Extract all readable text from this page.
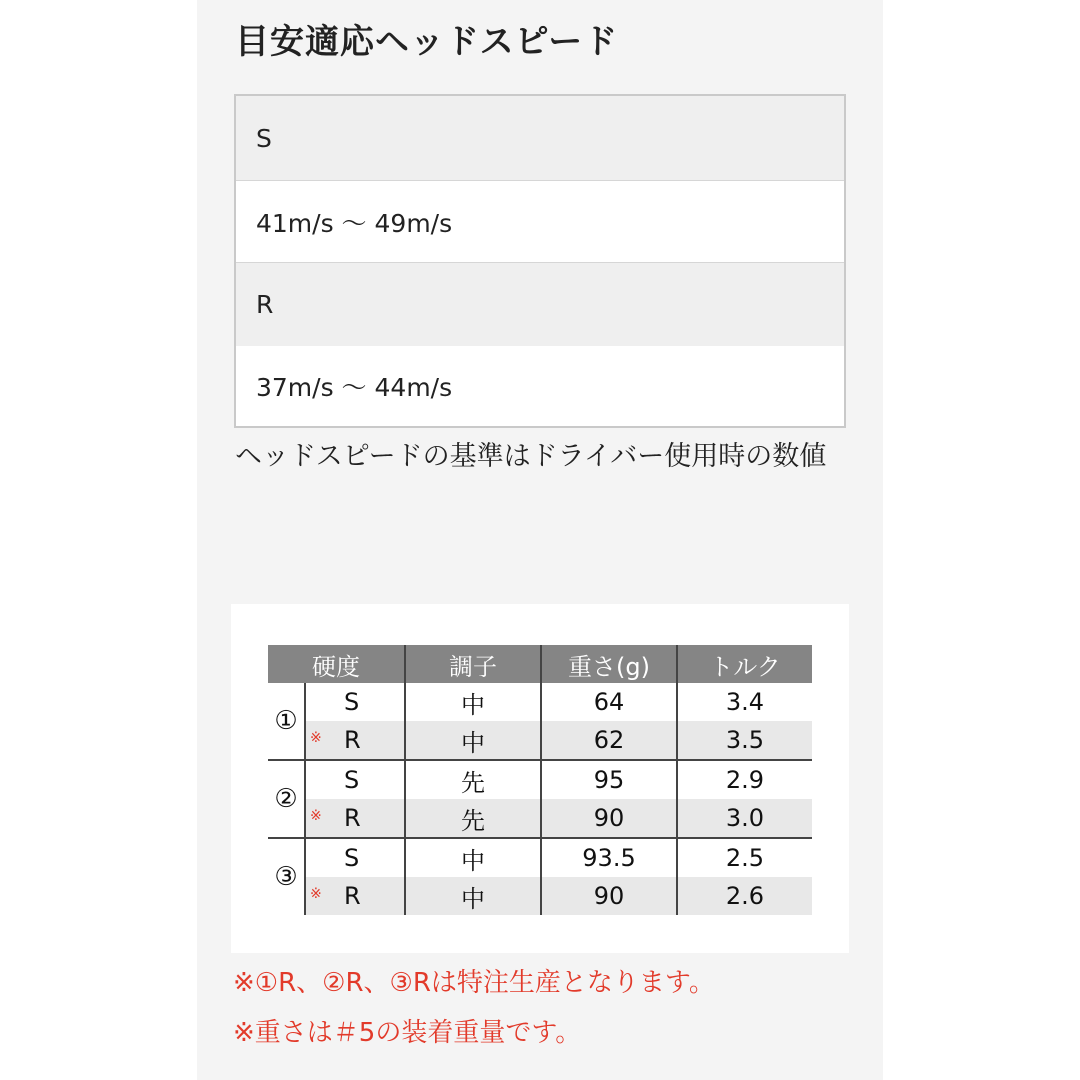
目安適応ヘッドスピード
S
41m/s 〜 49m/s
R
37m/s 〜 44m/s
ヘッドスピードの基準はドライバー使用時の数値
硬度		調子	重さ(g)	トルク
①	S	中	64	3.4

	※ R	中	62	3.5
②	S	先	95	2.9

	※ R	先	90	3.0
③	S	中	93.5	2.5

	※ R	中	90	2.6
※①R、②R、③Rは特注生産となります。
※重さは＃5の装着重量です。
